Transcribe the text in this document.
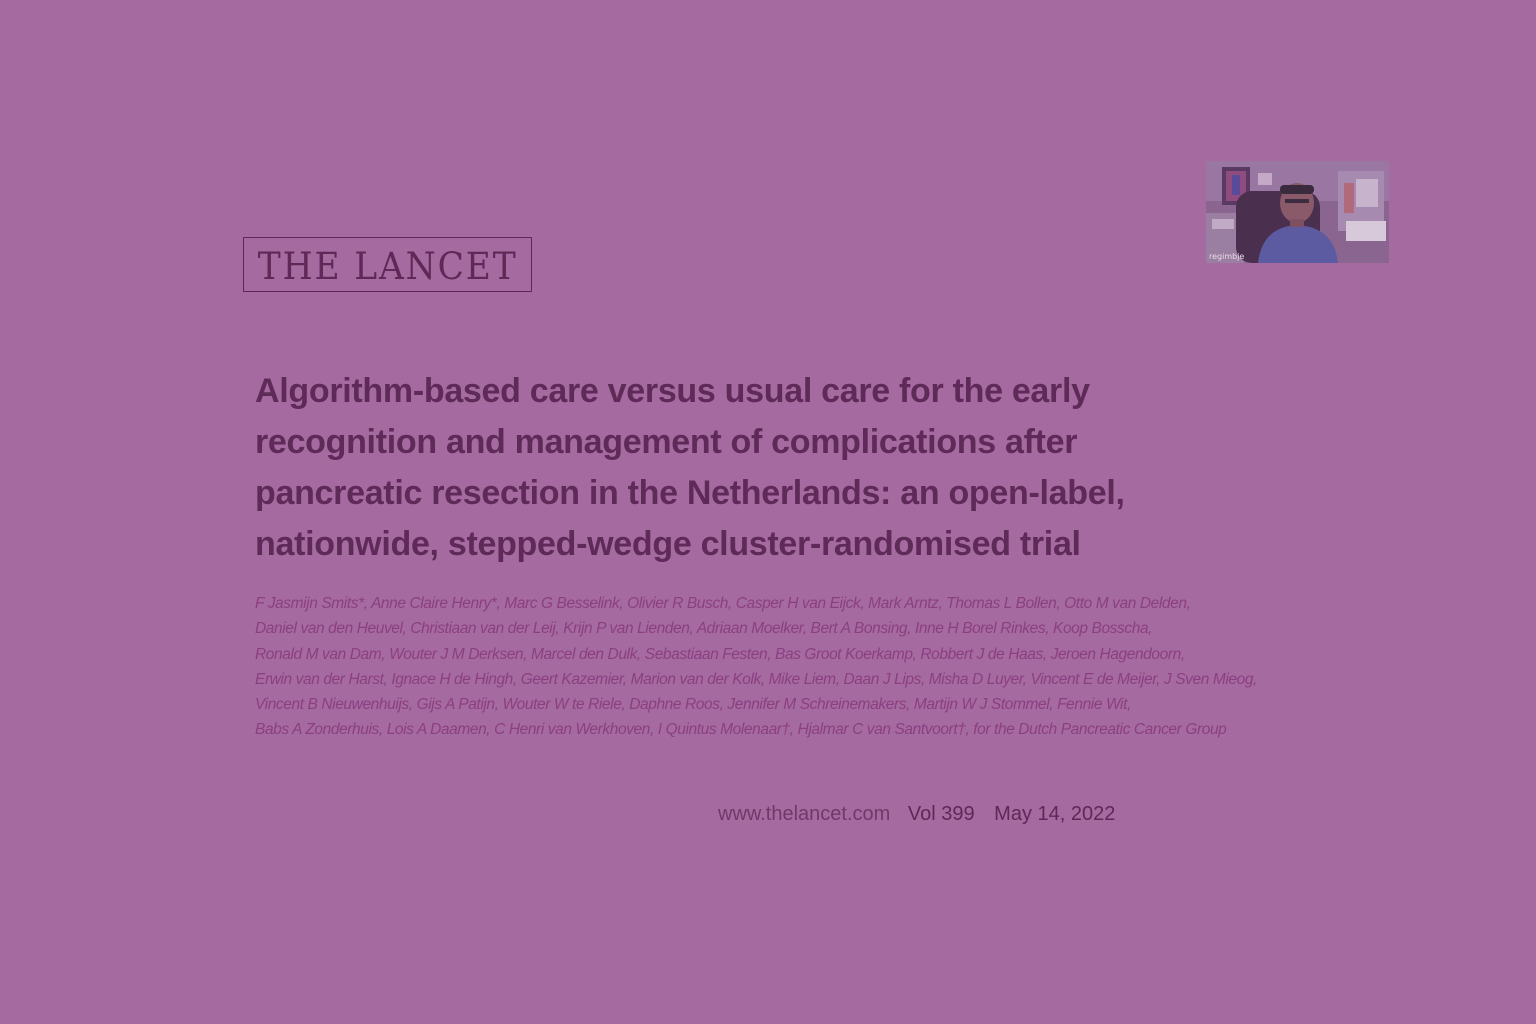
THE LANCET
Algorithm-based care versus usual care for the early
recognition and management of complications after
pancreatic resection in the Netherlands: an open-label,
nationwide, stepped-wedge cluster-randomised trial
F Jasmijn Smits*, Anne Claire Henry*, Marc G Besselink, Olivier R Busch, Casper H van Eijck, Mark Arntz, Thomas L Bollen, Otto M van Delden,
Daniel van den Heuvel, Christiaan van der Leij, Krijn P van Lienden, Adriaan Moelker, Bert A Bonsing, Inne H Borel Rinkes, Koop Bosscha,
Ronald M van Dam, Wouter J M Derksen, Marcel den Dulk, Sebastiaan Festen, Bas Groot Koerkamp, Robbert J de Haas, Jeroen Hagendoorn,
Erwin van der Harst, Ignace H de Hingh, Geert Kazemier, Marion van der Kolk, Mike Liem, Daan J Lips, Misha D Luyer, Vincent E de Meijer, J Sven Mieog,
Vincent B Nieuwenhuijs, Gijs A Patijn, Wouter W te Riele, Daphne Roos, Jennifer M Schreinemakers, Martijn W J Stommel, Fennie Wit,
Babs A Zonderhuis, Lois A Daamen, C Henri van Werkhoven, I Quintus Molenaar†, Hjalmar C van Santvoort†, for the Dutch Pancreatic Cancer Group
www.thelancet.com Vol 399 May 14, 2022
regimbje
